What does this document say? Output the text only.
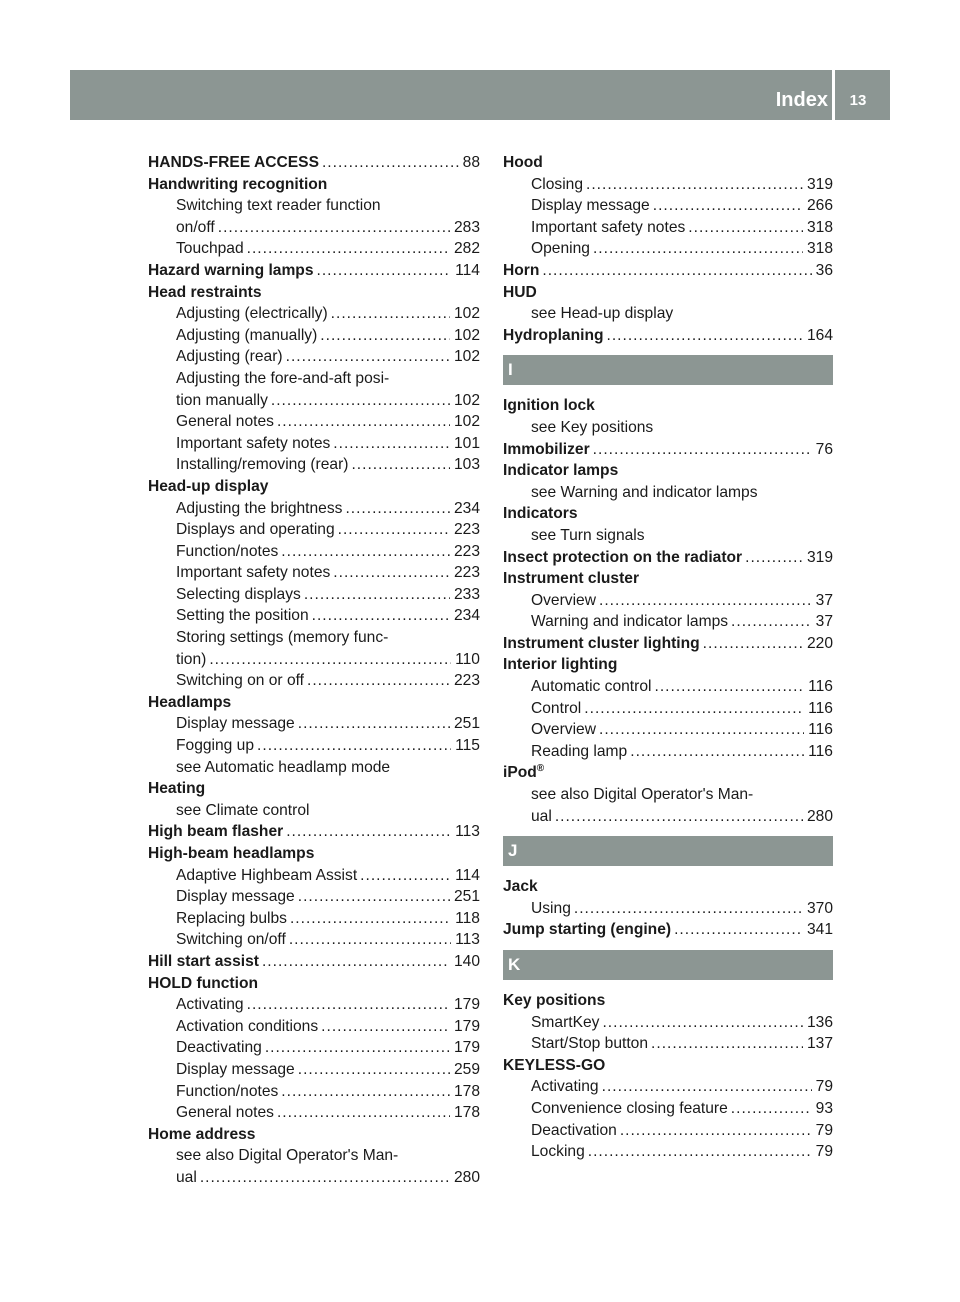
Index	13
HANDS-FREE ACCESS .....	88
Handwriting recognition
Switching text reader function
on/off .....	283
Touchpad .....	282
Hazard warning lamps .....	114
Head restraints
Adjusting (electrically) .....	102
Adjusting (manually) .....	102
Adjusting (rear) .....	102
Adjusting the fore-and-aft posi-
tion manually .....	102
General notes .....	102
Important safety notes .....	101
Installing/removing (rear) .....	103
Head-up display
Adjusting the brightness .....	234
Displays and operating .....	223
Function/notes .....	223
Important safety notes .....	223
Selecting displays .....	233
Setting the position .....	234
Storing settings (memory func-
tion) .....	110
Switching on or off .....	223
Headlamps
Display message .....	251
Fogging up .....	115
see Automatic headlamp mode
Heating
see Climate control
High beam flasher .....	113
High-beam headlamps
Adaptive Highbeam Assist .....	114
Display message .....	251
Replacing bulbs .....	118
Switching on/off .....	113
Hill start assist .....	140
HOLD function
Activating .....	179
Activation conditions .....	179
Deactivating .....	179
Display message .....	259
Function/notes .....	178
General notes .....	178
Home address
see also Digital Operator's Man-
ual .....	280
Hood
Closing .....	319
Display message .....	266
Important safety notes .....	318
Opening .....	318
Horn .....	36
HUD
see Head-up display
Hydroplaning .....	164
I
Ignition lock
see Key positions
Immobilizer .....	76
Indicator lamps
see Warning and indicator lamps
Indicators
see Turn signals
Insect protection on the radiator .....	319
Instrument cluster
Overview .....	37
Warning and indicator lamps .....	37
Instrument cluster lighting .....	220
Interior lighting
Automatic control .....	116
Control .....	116
Overview .....	116
Reading lamp .....	116
iPod®
see also Digital Operator's Man-
ual .....	280
J
Jack
Using .....	370
Jump starting (engine) .....	341
K
Key positions
SmartKey .....	136
Start/Stop button .....	137
KEYLESS-GO
Activating .....	79
Convenience closing feature .....	93
Deactivation .....	79
Locking .....	79
